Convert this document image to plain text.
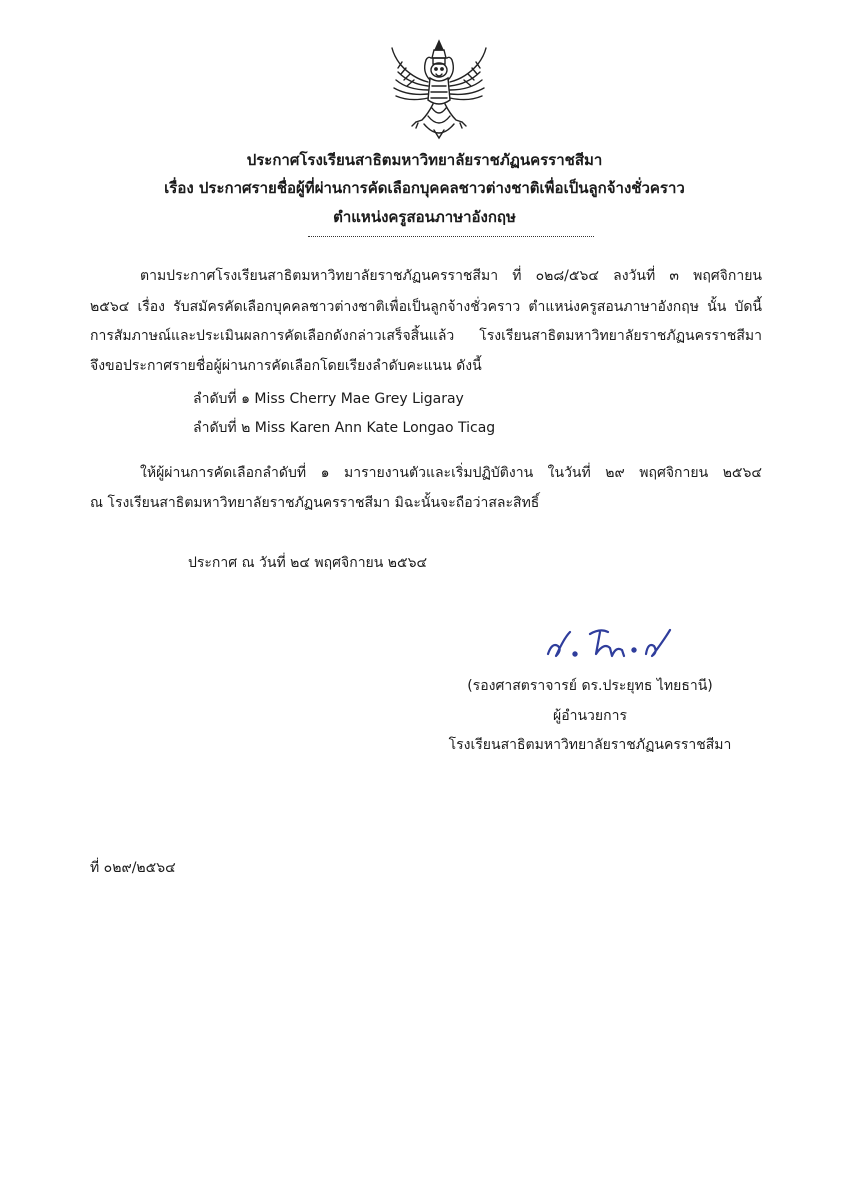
ประกาศโรงเรียนสาธิตมหาวิทยาลัยราชภัฏนครราชสีมา
เรื่อง ประกาศรายชื่อผู้ที่ผ่านการคัดเลือกบุคคลชาวต่างชาติเพื่อเป็นลูกจ้างชั่วคราว
ตำแหน่งครูสอนภาษาอังกฤษ
ตามประกาศโรงเรียนสาธิตมหาวิทยาลัยราชภัฏนครราชสีมา ที่ ๐๒๘/๕๖๔ ลงวันที่ ๓ พฤศจิกายน
๒๕๖๔ เรื่อง รับสมัครคัดเลือกบุคคลชาวต่างชาติเพื่อเป็นลูกจ้างชั่วคราว ตำแหน่งครูสอนภาษาอังกฤษ นั้น บัดนี้
การสัมภาษณ์และประเมินผลการคัดเลือกดังกล่าวเสร็จสิ้นแล้ว โรงเรียนสาธิตมหาวิทยาลัยราชภัฏนครราชสีมา
จึงขอประกาศรายชื่อผู้ผ่านการคัดเลือกโดยเรียงลำดับคะแนน ดังนี้
ลำดับที่ ๑ Miss Cherry Mae Grey Ligaray
ลำดับที่ ๒ Miss Karen Ann Kate Longao Ticag
ให้ผู้ผ่านการคัดเลือกลำดับที่ ๑ มารายงานตัวและเริ่มปฏิบัติงาน ในวันที่ ๒๙ พฤศจิกายน ๒๕๖๔
ณ โรงเรียนสาธิตมหาวิทยาลัยราชภัฏนครราชสีมา มิฉะนั้นจะถือว่าสละสิทธิ์
ประกาศ ณ วันที่ ๒๔ พฤศจิกายน ๒๕๖๔
(รองศาสตราจารย์ ดร.ประยุทธ ไทยธานี)
ผู้อำนวยการ
โรงเรียนสาธิตมหาวิทยาลัยราชภัฏนครราชสีมา
ที่ ๐๒๙/๒๕๖๔
